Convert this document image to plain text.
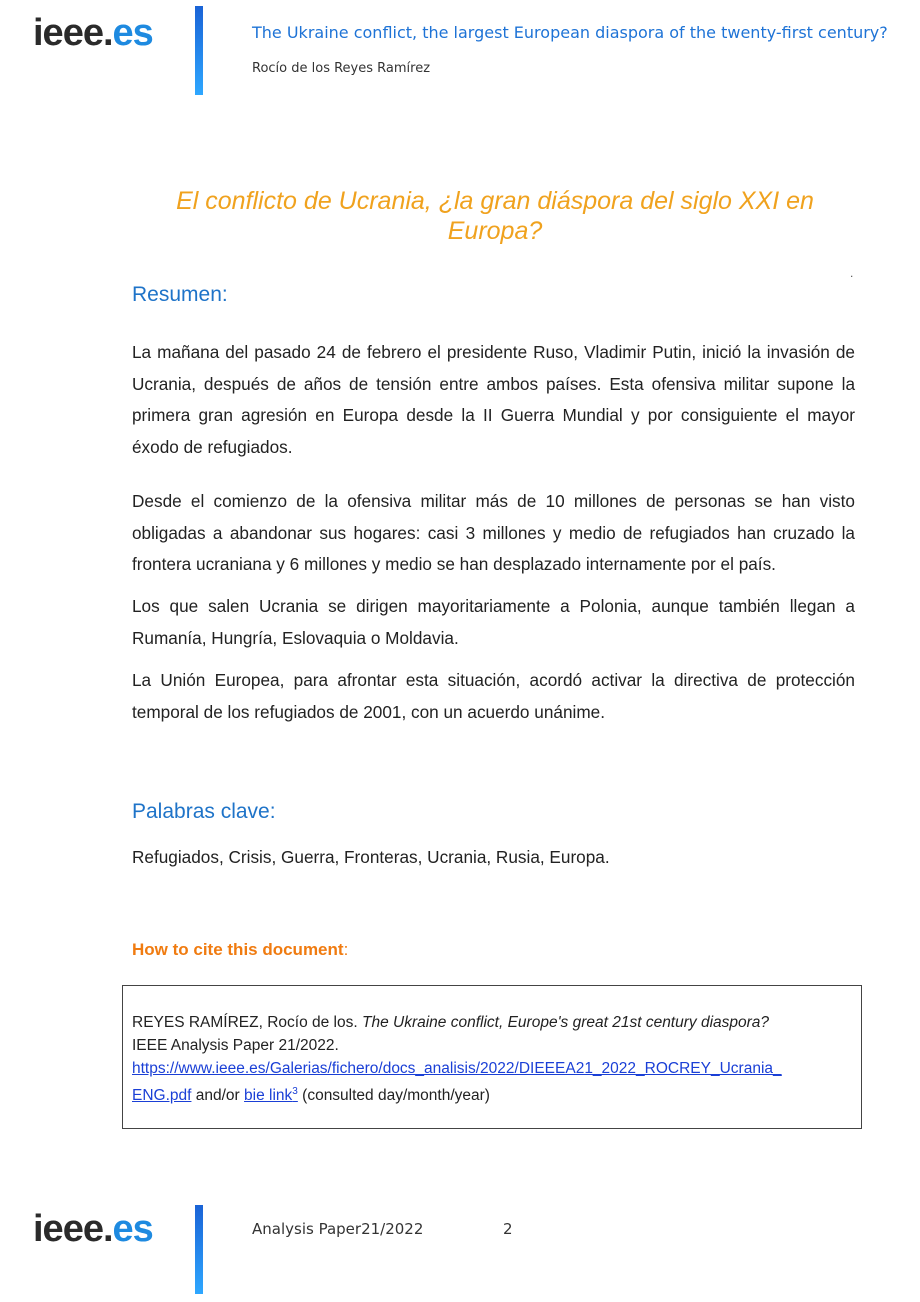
ieee.es	The Ukraine conflict, the largest European diaspora of the twenty-first century?
Rocío de los Reyes Ramírez
El conflicto de Ucrania, ¿la gran diáspora del siglo XXI en Europa?
.
Resumen:
La mañana del pasado 24 de febrero el presidente Ruso, Vladimir Putin, inició la invasión de Ucrania, después de años de tensión entre ambos países. Esta ofensiva militar supone la primera gran agresión en Europa desde la II Guerra Mundial y por consiguiente el mayor éxodo de refugiados.
Desde el comienzo de la ofensiva militar más de 10 millones de personas se han visto obligadas a abandonar sus hogares: casi 3 millones y medio de refugiados han cruzado la frontera ucraniana y 6 millones y medio se han desplazado internamente por el país.
Los que salen Ucrania se dirigen mayoritariamente a Polonia, aunque también llegan a Rumanía, Hungría, Eslovaquia o Moldavia.
La Unión Europea, para afrontar esta situación, acordó activar la directiva de protección temporal de los refugiados de 2001, con un acuerdo unánime.
Palabras clave:
Refugiados, Crisis, Guerra, Fronteras, Ucrania, Rusia, Europa.
How to cite this document:
REYES RAMÍREZ, Rocío de los. The Ukraine conflict, Europe's great 21st century diaspora?
IEEE Analysis Paper 21/2022.
https://www.ieee.es/Galerias/fichero/docs_analisis/2022/DIEEEA21_2022_ROCREY_Ucrania_
ENG.pdf and/or bie link$^3$ (consulted day/month/year)
ieee.es	Analysis Paper21/2022	2
